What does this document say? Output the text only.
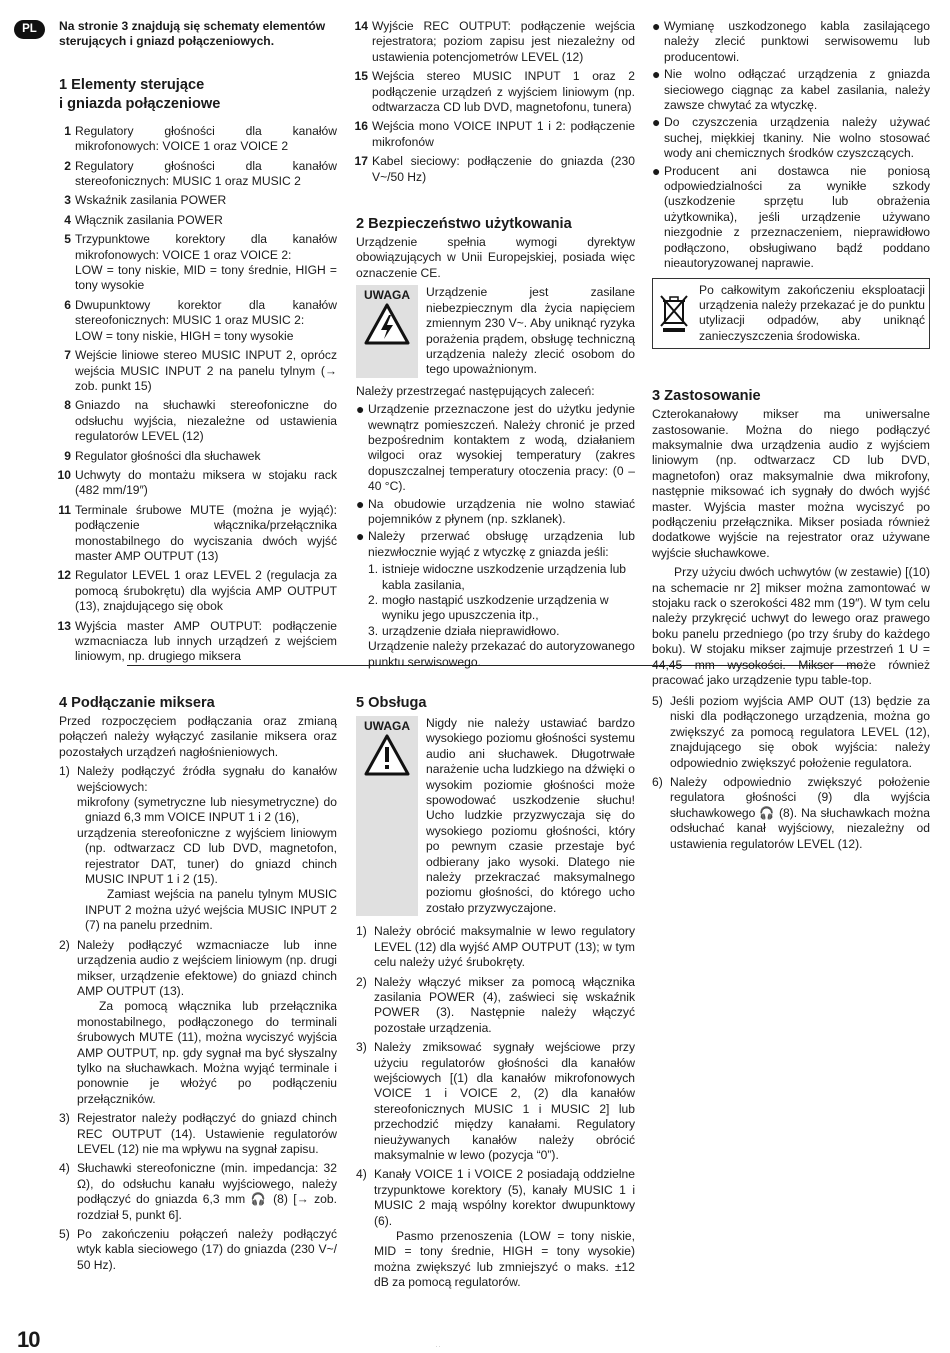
PL	Na stronie 3 znajdują się schematy elementów sterujących i gniazd połączeniowych.

1 Elementy sterujące
i gniazda połączeniowe
1 Regulatory głośności dla kanałów mikrofonowych: VOICE 1 oraz VOICE 2
2 Regulatory głośności dla kanałów stereofonicznych: MUSIC 1 oraz MUSIC 2
3 Wskaźnik zasilania POWER
4 Włącznik zasilania POWER
5 Trzypunktowe korektory dla kanałów mikrofonowych: VOICE 1 oraz VOICE 2:
LOW = tony niskie, MID = tony średnie, HIGH = tony wysokie
6 Dwupunktowy korektor dla kanałów stereofonicznych: MUSIC 1 oraz MUSIC 2:
LOW = tony niskie, HIGH = tony wysokie
7 Wejście liniowe stereo MUSIC INPUT 2, oprócz wejścia MUSIC INPUT 2 na panelu tylnym (→ zob. punkt 15)
8 Gniazdo na słuchawki stereofoniczne do odsłuchu wyjścia, niezależne od ustawienia regulatorów LEVEL (12)
9 Regulator głośności dla słuchawek
10 Uchwyty do montażu miksera w stojaku rack (482 mm/19″)
11 Terminale śrubowe MUTE (można je wyjąć): podłączenie włącznika/przełącznika monostabilnego do wyciszania dwóch wyjść master AMP OUTPUT (13)
12 Regulator LEVEL 1 oraz LEVEL 2 (regulacja za pomocą śrubokrętu) dla wyjścia AMP OUTPUT (13), znajdującego się obok
13 Wyjścia master AMP OUTPUT: podłączenie wzmacniacza lub innych urządzeń z wejściem liniowym, np. drugiego miksera
14 Wyjście REC OUTPUT: podłączenie wejścia rejestratora; poziom zapisu jest niezależny od ustawienia potencjometrów LEVEL (12)
15 Wejścia stereo MUSIC INPUT 1 oraz 2 podłączenie urządzeń z wyjściem liniowym (np. odtwarzacza CD lub DVD, magnetofonu, tunera)
16 Wejścia mono VOICE INPUT 1 i 2: podłączenie mikrofonów
17 Kabel sieciowy: podłączenie do gniazda (230 V~/50 Hz)
2 Bezpieczeństwo użytkowania

Urządzenie spełnia wymogi dyrektyw obowiązujących w Unii Europejskiej, posiada więc oznaczenie CE.

UWAGA	Urządzenie jest zasilane niebezpiecznym dla życia napięciem zmiennym 230 V~. Aby uniknąć ryzyka porażenia prądem, obsługę techniczną urządzenia należy zlecić osobom do tego upoważnionym.

Należy przestrzegać następujących zaleceń:

● Urządzenie przeznaczone jest do użytku jedynie wewnątrz pomieszczeń. Należy chronić je przed bezpośrednim kontaktem z wodą, działaniem wilgoci oraz wysokiej temperatury (zakres dopuszczalnej temperatury otoczenia pracy: (0 – 40 °C).
● Na obudowie urządzenia nie wolno stawiać pojemników z płynem (np. szklanek).
● Należy przerwać obsługę urządzenia lub niezwłocznie wyjąć z wtyczkę z gniazda jeśli:
1. istnieje widoczne uszkodzenie urządzenia lub kabla zasilania,
2. mogło nastąpić uszkodzenie urządzenia w wyniku jego upuszczenia itp.,
3. urządzenie działa nieprawidłowo.

Urządzenie należy przekazać do autoryzowanego punktu serwisowego.

● Wymianę uszkodzonego kabla zasilającego należy zlecić punktowi serwisowemu lub producentowi.
● Nie wolno odłączać urządzenia z gniazda sieciowego ciągnąc za kabel zasilania, należy zawsze chwytać za wtyczkę.
● Do czyszczenia urządzenia należy używać suchej, miękkiej tkaniny. Nie wolno stosować wody ani chemicznych środków czyszczących.
● Producent ani dostawca nie poniosą odpowiedzialności za wynikłe szkody (uszkodzenie sprzętu lub obrażenia użytkownika), jeśli urządzenie używano niezgodnie z przeznaczeniem, nieprawidłowo podłączono, obsługiwano bądź poddano nieautoryzowanej naprawie.

Po całkowitym zakończeniu eksploatacji urządzenia należy przekazać je do punktu utylizacji odpadów, aby uniknąć zanieczyszczenia środowiska.

3 Zastosowanie

Czterokanałowy mikser ma uniwersalne zastosowanie. Można do niego podłączyć maksymalnie dwa urządzenia audio z wyjściem liniowym (np. odtwarzacz CD lub DVD, magnetofon) oraz maksymalnie dwa mikrofony, następnie miksować ich sygnały do dwóch wyjść master. Wyjścia master można wyciszyć po podłączeniu przełącznika. Mikser posiada również dodatkowe wyjście na rejestrator oraz używane wyjście słuchawkowe.

Przy użyciu dwóch uchwytów (w zestawie) [(10) na schemacie nr 2] mikser można zamontować w stojaku rack o szerokości 482 mm (19″). W tym celu należy przykręcić uchwyt do lewego oraz prawego boku panelu przedniego (po trzy śruby do każdego boku). W stojaku mikser zajmuje przestrzeń 1 U = 44,45 mm wysokości. Mikser może również pracować jako urządzenie typu table-top.

4 Podłączanie miksera

Przed rozpoczęciem podłączania oraz zmianą połączeń należy wyłączyć zasilanie miksera oraz pozostałych urządzeń nagłośnieniowych.

1) Należy podłączyć źródła sygnału do kanałów wejściowych:

mikrofony (symetryczne lub niesymetryczne) do gniazd 6,3 mm VOICE INPUT 1 i 2 (16),

urządzenia stereofoniczne z wyjściem liniowym (np. odtwarzacz CD lub DVD, magnetofon, rejestrator DAT, tuner) do gniazd chinch MUSIC INPUT 1 i 2 (15).

Zamiast wejścia na panelu tylnym MUSIC INPUT 2 można użyć wejścia MUSIC INPUT 2 (7) na panelu przednim.

2) Należy podłączyć wzmacniacze lub inne urządzenia audio z wejściem liniowym (np. drugi mikser, urządzenie efektowe) do gniazd chinch AMP OUTPUT (13).

Za pomocą włącznika lub przełącznika monostabilnego, podłączonego do terminali śrubowych MUTE (11), można wyciszyć wyjścia AMP OUTPUT, np. gdy sygnał ma być słyszalny tylko na słuchawkach. Można wyjąć terminale i ponownie je włożyć po podłączeniu przełączników.

3) Rejestrator należy podłączyć do gniazd chinch REC OUTPUT (14). Ustawienie regulatorów LEVEL (12) nie ma wpływu na sygnał zapisu.
4) Słuchawki stereofoniczne (min. impedancja: 32 Ω), do odsłuchu kanału wyjściowego, należy podłączyć do gniazda 6,3 mm 🎧 (8) [→ zob. rozdział 5, punkt 6].
5) Po zakończeniu połączeń należy podłączyć wtyk kabla sieciowego (17) do gniazda (230 V~/ 50 Hz).
5 Obsługa
UWAGA	Nigdy nie należy ustawiać bardzo wysokiego poziomu głośności systemu audio ani słuchawek. Długotrwałe narażenie ucha ludzkiego na dźwięki o wysokim poziomie głośności może spowodować uszkodzenie słuchu! Ucho ludzkie przyzwyczaja się do wysokiego poziomu głośności, który po pewnym czasie przestaje być odbierany jako wysoki. Dlatego nie należy przekraczać maksymalnego poziomu głośności, do którego ucho zostało przyzwyczajone.

1) Należy obrócić maksymalnie w lewo regulatory LEVEL (12) dla wyjść AMP OUTPUT (13); w tym celu należy użyć śrubokręty.
2) Należy włączyć mikser za pomocą włącznika zasilania POWER (4), zaświeci się wskaźnik POWER (3). Następnie należy włączyć pozostałe urządzenia.
3) Należy zmiksować sygnały wejściowe przy użyciu regulatorów głośności dla kanałów wejściowych [(1) dla kanałów mikrofonowych VOICE 1 i VOICE 2, (2) dla kanałów stereofonicznych MUSIC 1 i MUSIC 2] lub przechodzić między kanałami. Regulatory nieużywanych kanałów należy obrócić maksymalnie w lewo (pozycja “0”).
4) Kanały VOICE 1 i VOICE 2 posiadają oddzielne trzypunktowe korektory (5), kanały MUSIC 1 i MUSIC 2 mają wspólny korektor dwupunktowy (6).

Pasmo przenoszenia (LOW = tony niskie, MID = tony średnie, HIGH = tony wysokie) można zwiększyć lub zmniejszyć o maks. ±12 dB za pomocą regulatorów.

5) Jeśli poziom wyjścia AMP OUT (13) będzie za niski dla podłączonego urządzenia, można go zwiększyć za pomocą regulatora LEVEL (12), znajdującego się obok wyjścia: należy odpowiednio zwiększyć położenie regulatora.
6) Należy odpowiednio zwiększyć położenie regulatora głośności (9) dla wyjścia słuchawkowego 🎧 (8). Na słuchawkach można odsłuchać kanał wyjściowy, niezależny od ustawienia regulatorów LEVEL (12).
10	. .
